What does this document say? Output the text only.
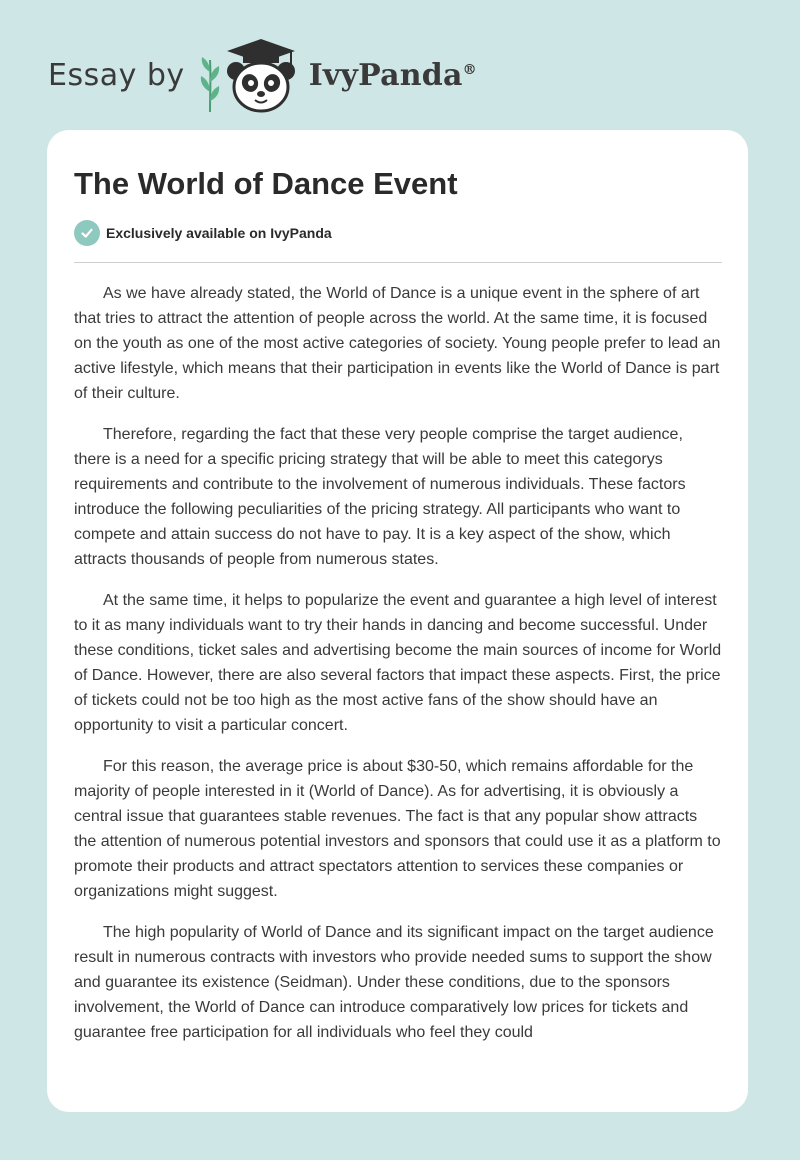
Essay by	IvyPanda®
The World of Dance Event
Exclusively available on IvyPanda

As we have already stated, the World of Dance is a unique event in the sphere of art that tries to attract the attention of people across the world. At the same time, it is focused on the youth as one of the most active categories of society. Young people prefer to lead an active lifestyle, which means that their participation in events like the World of Dance is part of their culture.

Therefore, regarding the fact that these very people comprise the target audience, there is a need for a specific pricing strategy that will be able to meet this categorys requirements and contribute to the involvement of numerous individuals. These factors introduce the following peculiarities of the pricing strategy. All participants who want to compete and attain success do not have to pay. It is a key aspect of the show, which attracts thousands of people from numerous states.

At the same time, it helps to popularize the event and guarantee a high level of interest to it as many individuals want to try their hands in dancing and become successful. Under these conditions, ticket sales and advertising become the main sources of income for World of Dance. However, there are also several factors that impact these aspects. First, the price of tickets could not be too high as the most active fans of the show should have an opportunity to visit a particular concert.

For this reason, the average price is about $30-50, which remains affordable for the majority of people interested in it (World of Dance). As for advertising, it is obviously a central issue that guarantees stable revenues. The fact is that any popular show attracts the attention of numerous potential investors and sponsors that could use it as a platform to promote their products and attract spectators attention to services these companies or organizations might suggest.

The high popularity of World of Dance and its significant impact on the target audience result in numerous contracts with investors who provide needed sums to support the show and guarantee its existence (Seidman). Under these conditions, due to the sponsors involvement, the World of Dance can introduce comparatively low prices for tickets and guarantee free participation for all individuals who feel they could
